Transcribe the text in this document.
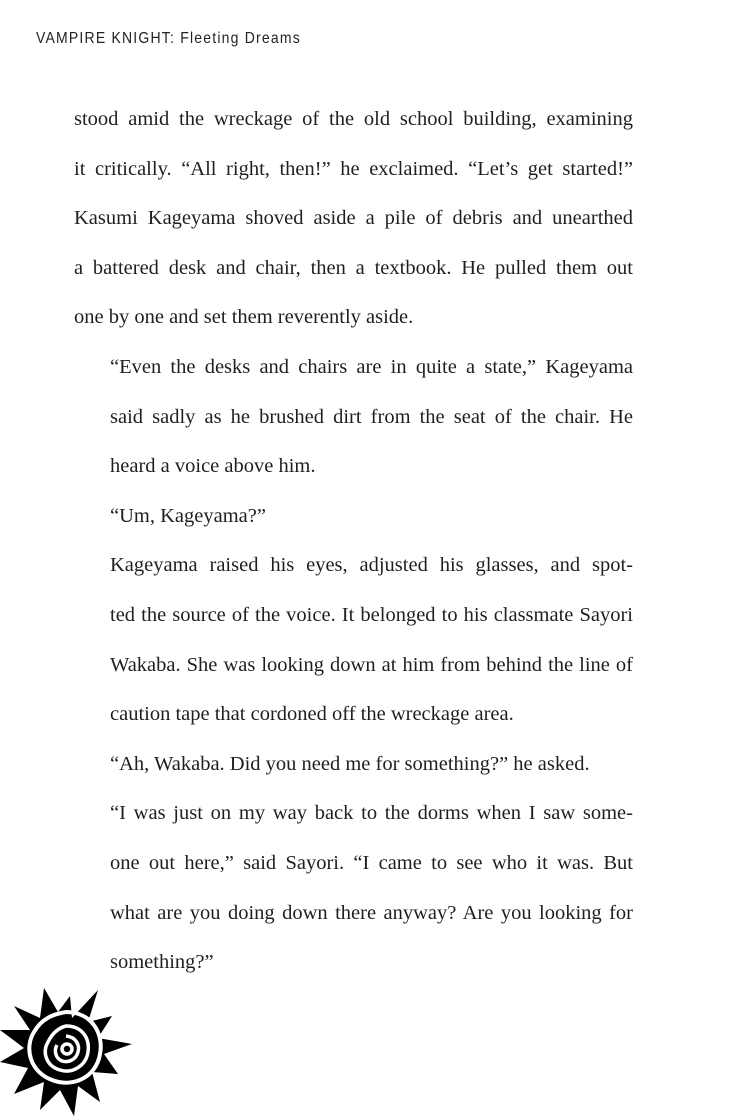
VAMPIRE KNIGHT: Fleeting Dreams

stood amid the wreckage of the old school building, examining
it critically. “All right, then!” he exclaimed. “Let’s get started!”
Kasumi Kageyama shoved aside a pile of debris and unearthed
a battered desk and chair, then a textbook. He pulled them out
one by one and set them reverently aside.

“Even the desks and chairs are in quite a state,” Kageyama
said sadly as he brushed dirt from the seat of the chair. He
heard a voice above him.

“Um, Kageyama?”

Kageyama raised his eyes, adjusted his glasses, and spot-
ted the source of the voice. It belonged to his classmate Sayori
Wakaba. She was looking down at him from behind the line of
caution tape that cordoned off the wreckage area.

“Ah, Wakaba. Did you need me for something?” he asked.

“I was just on my way back to the dorms when I saw some-
one out here,” said Sayori. “I came to see who it was. But
what are you doing down there anyway? Are you looking for
something?”
